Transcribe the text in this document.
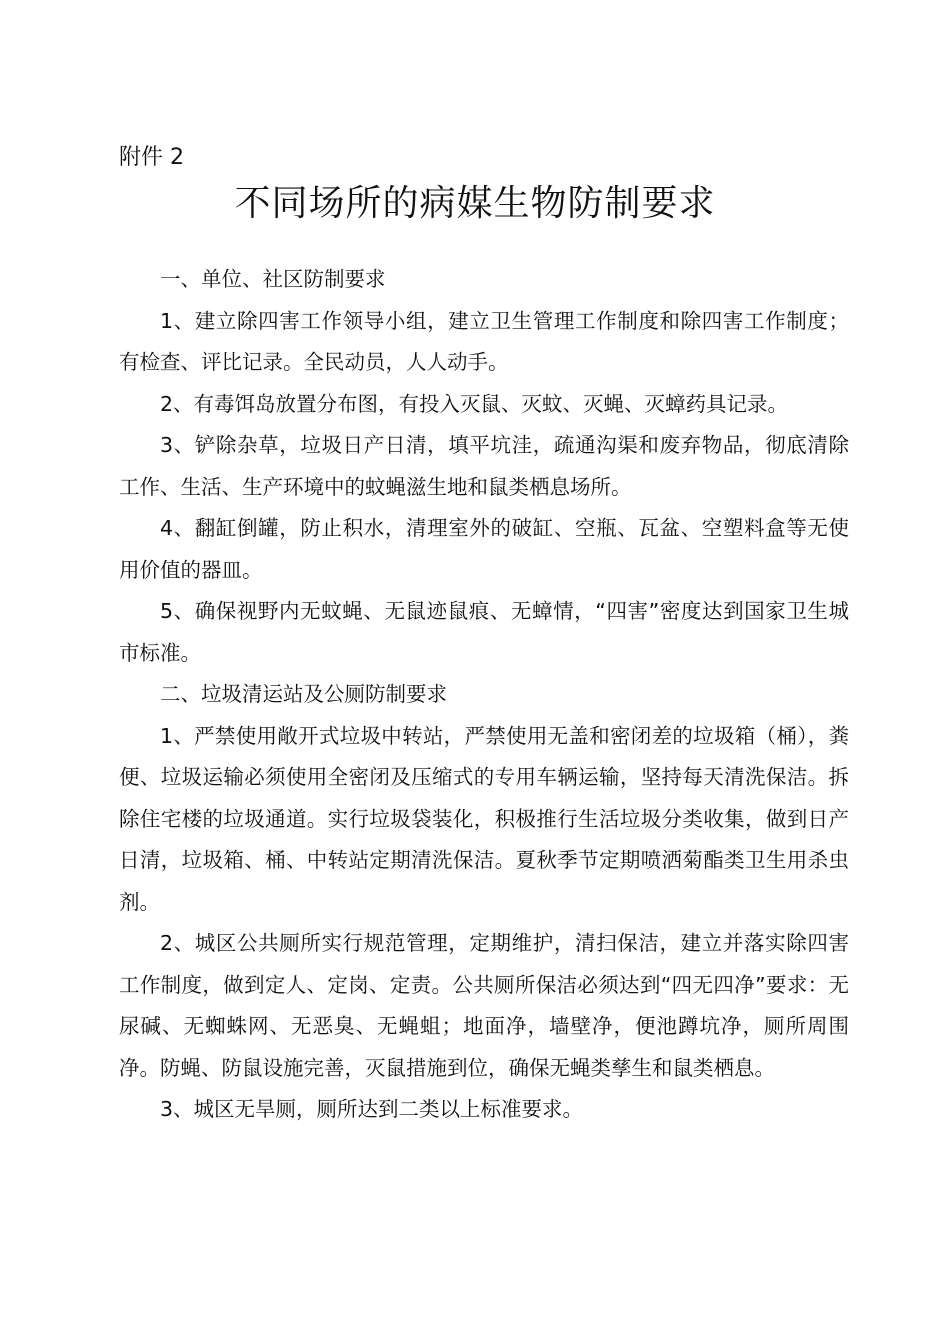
附件 2
不同场所的病媒生物防制要求

一、单位、社区防制要求

1、建立除四害工作领导小组，建立卫生管理工作制度和除四害工作制度；有检查、评比记录。全民动员，人人动手。

2、有毒饵岛放置分布图，有投入灭鼠、灭蚊、灭蝇、灭蟑药具记录。

3、铲除杂草，垃圾日产日清，填平坑洼，疏通沟渠和废弃物品，彻底清除工作、生活、生产环境中的蚊蝇滋生地和鼠类栖息场所。

4、翻缸倒罐，防止积水，清理室外的破缸、空瓶、瓦盆、空塑料盒等无使用价值的器皿。

5、确保视野内无蚊蝇、无鼠迹鼠痕、无蟑情，“四害”密度达到国家卫生城市标准。

二、垃圾清运站及公厕防制要求

1、严禁使用敞开式垃圾中转站，严禁使用无盖和密闭差的垃圾箱（桶），粪便、垃圾运输必须使用全密闭及压缩式的专用车辆运输，坚持每天清洗保洁。拆除住宅楼的垃圾通道。实行垃圾袋装化，积极推行生活垃圾分类收集，做到日产日清，垃圾箱、桶、中转站定期清洗保洁。夏秋季节定期喷洒菊酯类卫生用杀虫剂。

2、城区公共厕所实行规范管理，定期维护，清扫保洁，建立并落实除四害工作制度，做到定人、定岗、定责。公共厕所保洁必须达到“四无四净”要求：无尿碱、无蜘蛛网、无恶臭、无蝇蛆；地面净，墙壁净，便池蹲坑净，厕所周围净。防蝇、防鼠设施完善，灭鼠措施到位，确保无蝇类孳生和鼠类栖息。

3、城区无旱厕，厕所达到二类以上标准要求。
